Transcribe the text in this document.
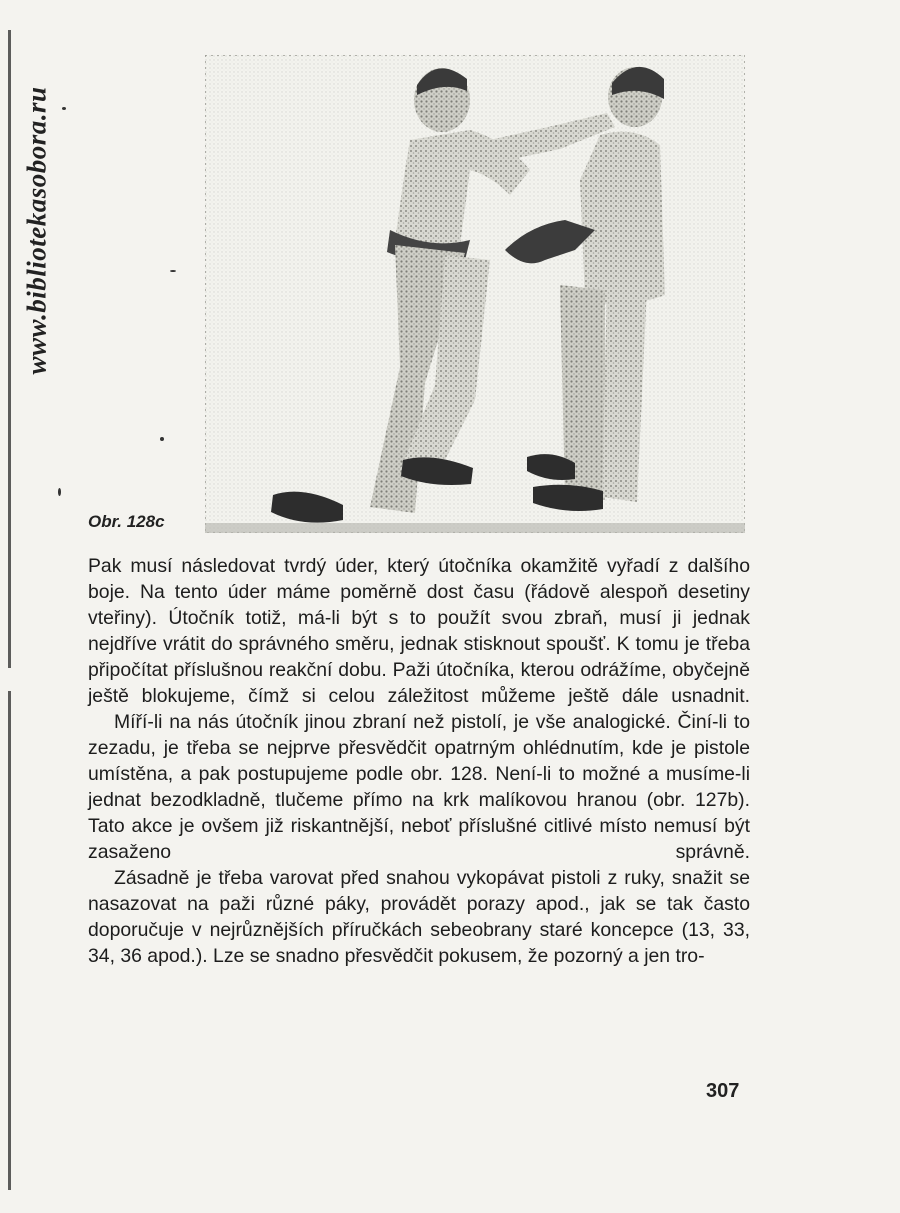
www.bibliotekasobora.ru
Obr. 128c

Pak musí následovat tvrdý úder, který útočníka okamžitě vyřadí z dalšího boje. Na tento úder máme poměrně dost času (řádově alespoň desetiny vteřiny). Útočník totiž, má-li být s to použít svou zbraň, musí ji jednak nejdříve vrátit do správného směru, jednak stisknout spoušť. K tomu je třeba připočítat příslušnou reakční dobu. Paži útočníka, kterou odrážíme, obyčejně ještě blokujeme, čímž si celou záležitost můžeme ještě dále usnadnit.

Míří-li na nás útočník jinou zbraní než pistolí, je vše analogické. Činí-li to zezadu, je třeba se nejprve přesvědčit opatrným ohlédnutím, kde je pistole umístěna, a pak postupujeme podle obr. 128. Není-li to možné a musíme-li jednat bezodkladně, tlučeme přímo na krk malíkovou hranou (obr. 127b). Tato akce je ovšem již riskantnější, neboť příslušné citlivé místo nemusí být zasaženo správně.

Zásadně je třeba varovat před snahou vykopávat pistoli z ruky, snažit se nasazovat na paži různé páky, provádět porazy apod., jak se tak často doporučuje v nejrůznějších příručkách sebeobrany staré koncepce (13, 33, 34, 36 apod.). Lze se snadno přesvědčit pokusem, že pozorný a jen tro-

307
